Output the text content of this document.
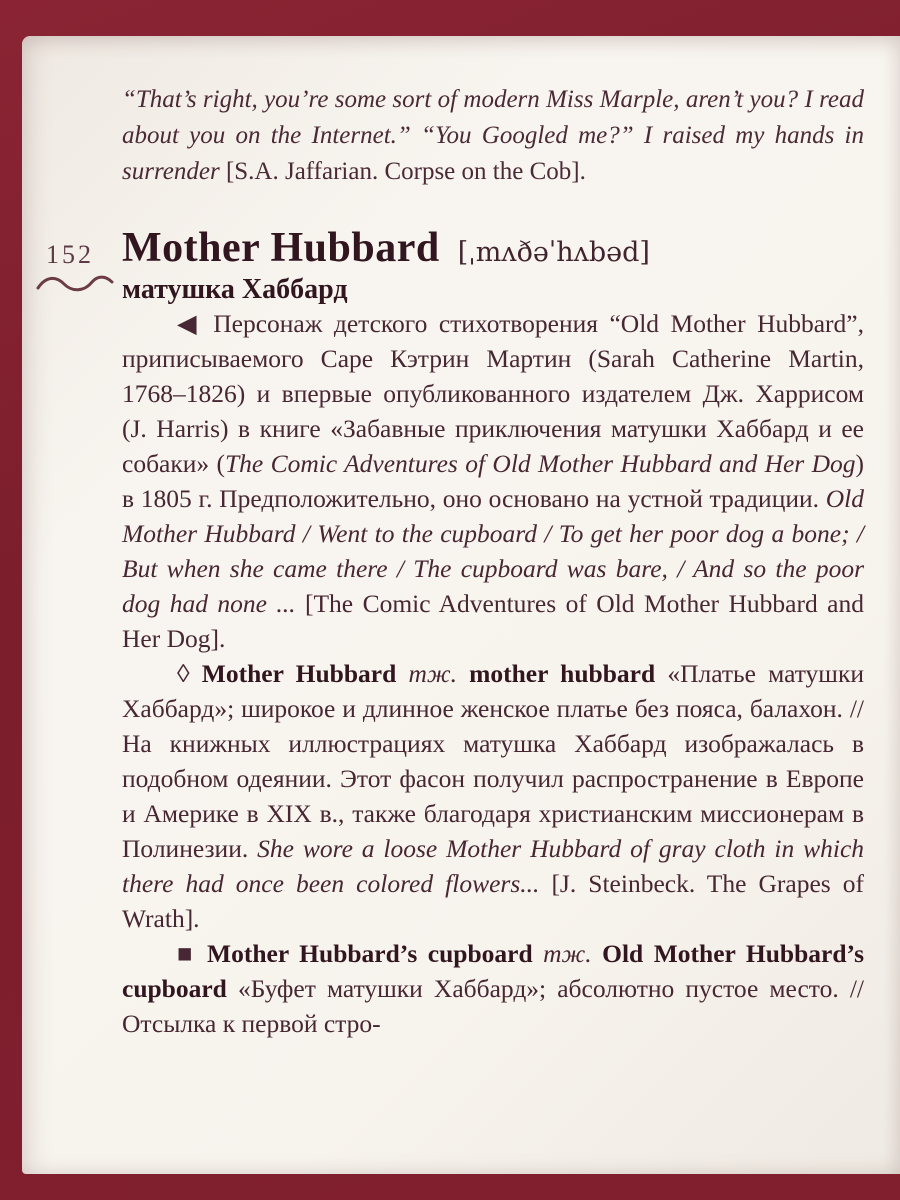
152
“That’s right, you’re some sort of modern Miss Marple, aren’t you? I read about you on the Internet.” “You Googled me?” I raised my hands in surrender [S.A. Jaffarian. Corpse on the Cob].
Mother Hubbard [ˌmʌðəˈhʌbəd]
матушка Хаббард
◀ Персонаж детского стихотворения “Old Mother Hubbard”, приписываемого Саре Кэтрин Мартин (Sarah Catherine Martin, 1768–1826) и впервые опубликованного издателем Дж. Харрисом (J. Harris) в книге «Забавные приключения матушки Хаббард и ее собаки» (The Comic Adventures of Old Mother Hubbard and Her Dog) в 1805 г. Предположительно, оно основано на устной традиции. Old Mother Hubbard / Went to the cupboard / To get her poor dog a bone; / But when she came there / The cupboard was bare, / And so the poor dog had none ... [The Comic Adventures of Old Mother Hubbard and Her Dog].
◊ Mother Hubbard тж. mother hubbard «Платье матушки Хаббард»; широкое и длинное женское платье без пояса, балахон. // На книжных иллюстрациях матушка Хаббард изображалась в подобном одеянии. Этот фасон получил распространение в Европе и Америке в XIX в., также благодаря христианским миссионерам в Полинезии. She wore a loose Mother Hubbard of gray cloth in which there had once been colored flowers... [J. Steinbeck. The Grapes of Wrath].
■ Mother Hubbard’s cupboard тж. Old Mother Hubbard’s cupboard «Буфет матушки Хаббард»; абсолютно пустое место. // Отсылка к первой стро-
